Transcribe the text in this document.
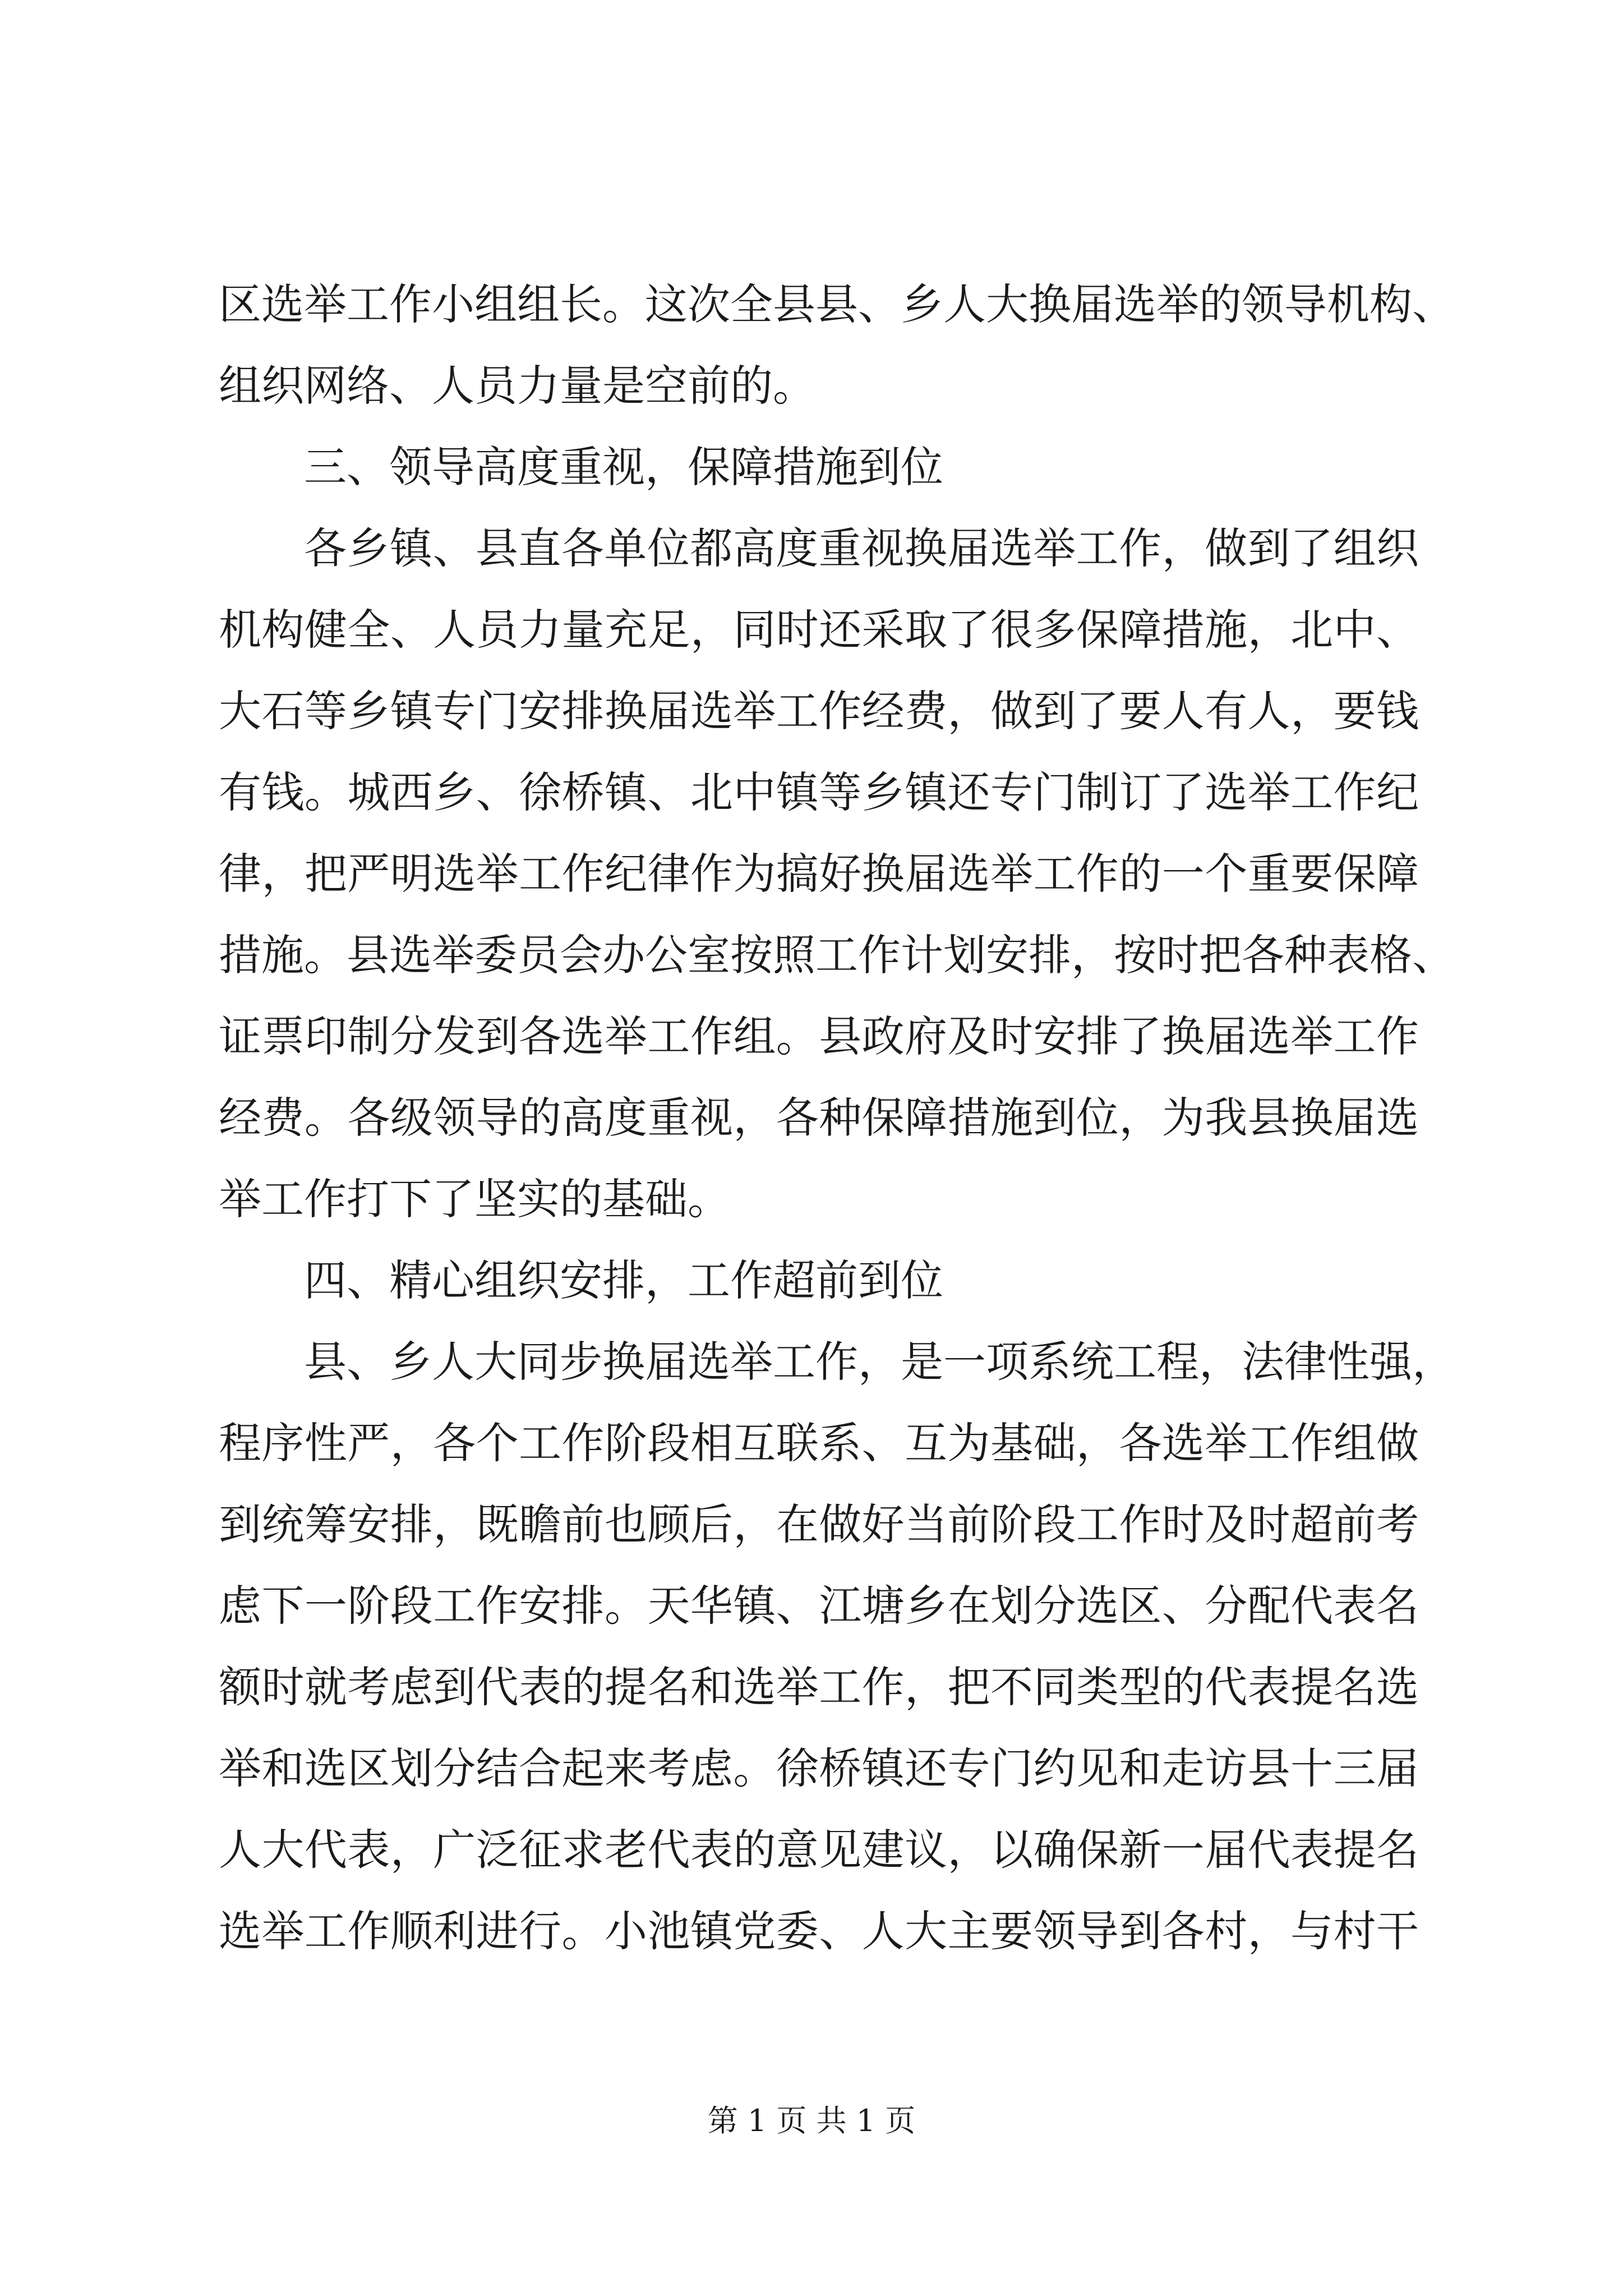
区选举工作小组组长。这次全县县、乡人大换届选举的领导机构、
组织网络、人员力量是空前的。
三、领导高度重视，保障措施到位
各乡镇、县直各单位都高度重视换届选举工作，做到了组织
机构健全、人员力量充足，同时还采取了很多保障措施，北中、
大石等乡镇专门安排换届选举工作经费，做到了要人有人，要钱
有钱。城西乡、徐桥镇、北中镇等乡镇还专门制订了选举工作纪
律，把严明选举工作纪律作为搞好换届选举工作的一个重要保障
措施。县选举委员会办公室按照工作计划安排，按时把各种表格、
证票印制分发到各选举工作组。县政府及时安排了换届选举工作
经费。各级领导的高度重视，各种保障措施到位，为我县换届选
举工作打下了坚实的基础。
四、精心组织安排，工作超前到位
县、乡人大同步换届选举工作，是一项系统工程，法律性强，
程序性严，各个工作阶段相互联系、互为基础，各选举工作组做
到统筹安排，既瞻前也顾后，在做好当前阶段工作时及时超前考
虑下一阶段工作安排。天华镇、江塘乡在划分选区、分配代表名
额时就考虑到代表的提名和选举工作，把不同类型的代表提名选
举和选区划分结合起来考虑。徐桥镇还专门约见和走访县十三届
人大代表，广泛征求老代表的意见建议，以确保新一届代表提名
选举工作顺利进行。小池镇党委、人大主要领导到各村，与村干
第 1 页 共 1 页
